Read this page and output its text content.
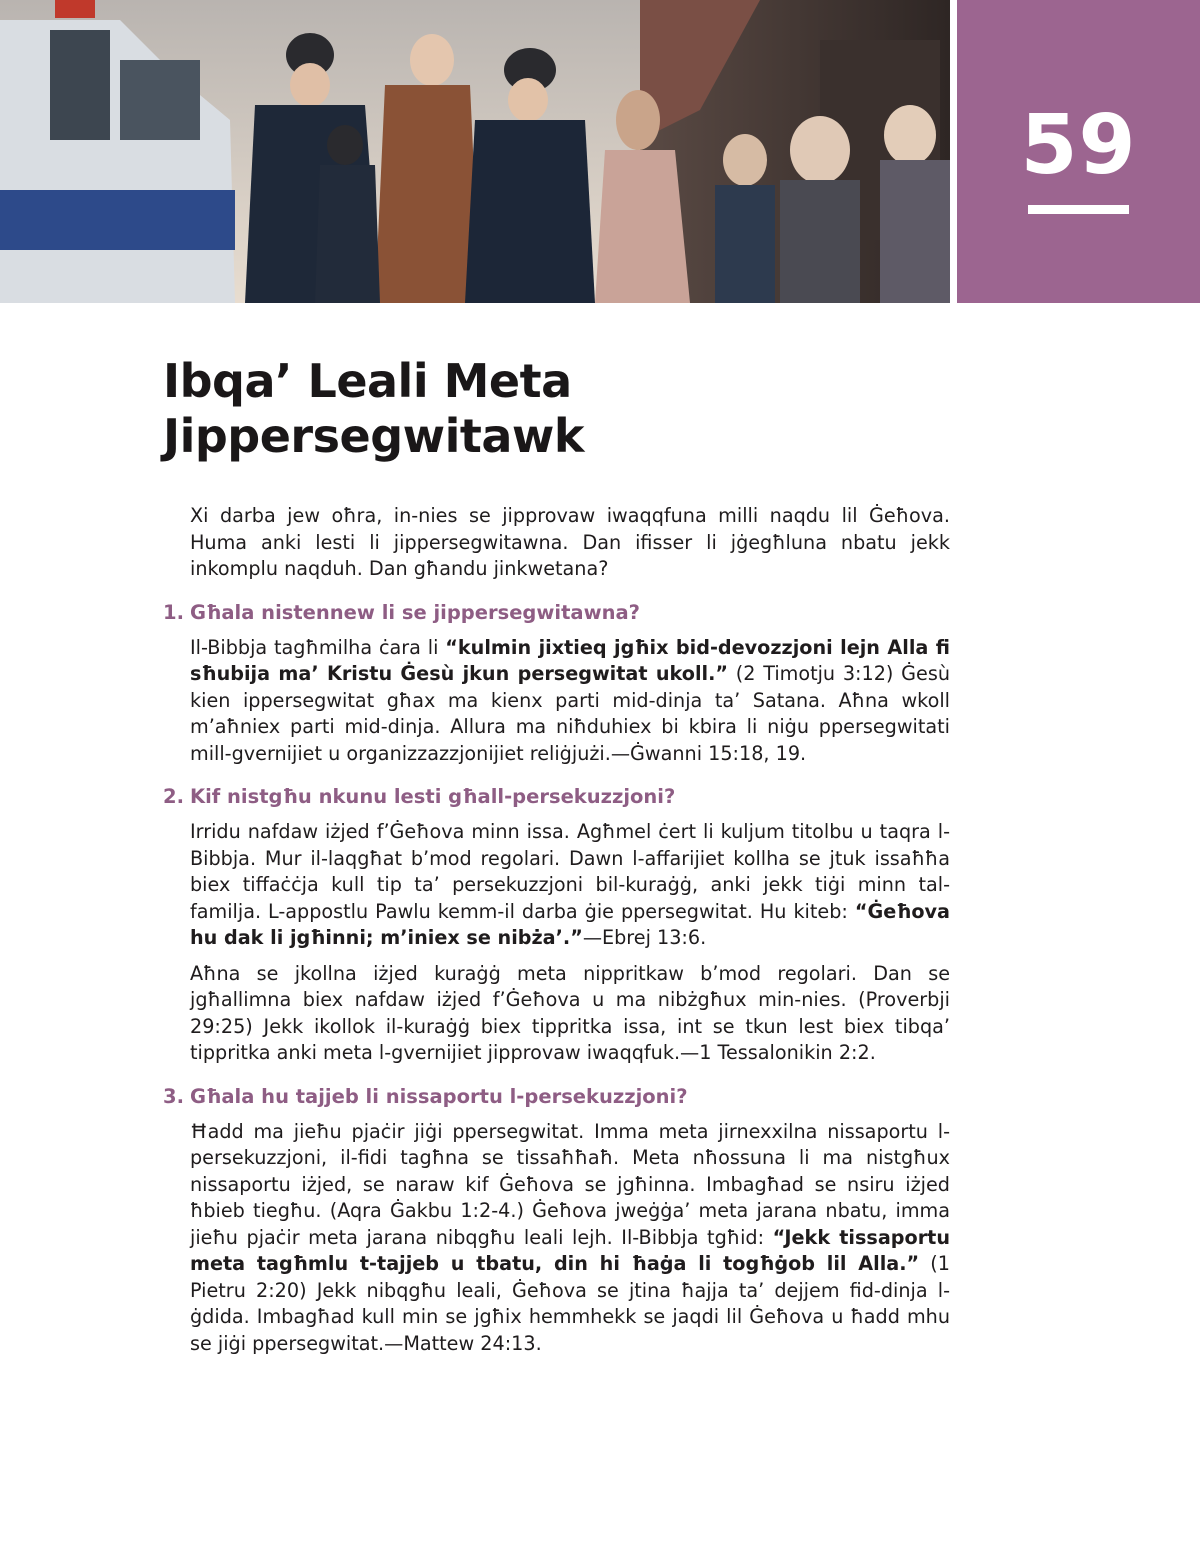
59
Ibqa’ Leali Meta
Jippersegwitawk

Xi darba jew oħra, in-nies se jipprovaw iwaqqfuna milli naqdu lil Ġeħova. Huma anki lesti li jippersegwitawna. Dan ifisser li jġegħluna nbatu jekk inkomplu naqduh. Dan għandu jinkwetana?

1. Għala nistennew li se jippersegwitawna?

Il-Bibbja tagħmilha ċara li “kulmin jixtieq jgħix bid-devozzjoni lejn Alla fi sħubija ma’ Kristu Ġesù jkun persegwitat ukoll.” (2 Timotju 3:12) Ġesù kien ippersegwitat għax ma kienx parti mid-dinja ta’ Satana. Aħna wkoll m’aħniex parti mid-dinja. Allura ma niħduhiex bi kbira li niġu ppersegwitati mill-gvernijiet u organizzazzjonijiet reliġjużi.—Ġwanni 15:18, 19.

2. Kif nistgħu nkunu lesti għall-persekuzzjoni?

Irridu nafdaw iżjed f’Ġeħova minn issa. Agħmel ċert li kuljum titolbu u taqra l-Bibbja. Mur il-laqgħat b’mod regolari. Dawn l-affarijiet kollha se jtuk issaħħa biex tiffaċċja kull tip ta’ persekuzzjoni bil-kuraġġ, anki jekk tiġi minn tal-familja. L-appostlu Pawlu kemm-il darba ġie ppersegwitat. Hu kiteb: “Ġeħova hu dak li jgħinni; m’iniex se nibża’.”—Ebrej 13:6.

Aħna se jkollna iżjed kuraġġ meta nippritkaw b’mod regolari. Dan se jgħallimna biex nafdaw iżjed f’Ġeħova u ma nibżgħux min-nies. (Proverbji 29:25) Jekk ikollok il-kuraġġ biex tippritka issa, int se tkun lest biex tibqa’ tippritka anki meta l-gvernijiet jipprovaw iwaqqfuk.—1 Tessalonikin 2:2.

3. Għala hu tajjeb li nissaportu l-persekuzzjoni?

Ħadd ma jieħu pjaċir jiġi ppersegwitat. Imma meta jirnexxilna nissaportu l-persekuzzjoni, il-fidi tagħna se tissaħħaħ. Meta nħossuna li ma nistgħux nissaportu iżjed, se naraw kif Ġeħova se jgħinna. Imbagħad se nsiru iżjed ħbieb tiegħu. (Aqra Ġakbu 1:2-4.) Ġeħova jweġġa’ meta jarana nbatu, imma jieħu pjaċir meta jarana nibqgħu leali lejh. Il-Bibbja tgħid: “Jekk tissaportu meta tagħmlu t-tajjeb u tbatu, din hi ħaġa li togħġob lil Alla.” (1 Pietru 2:20) Jekk nibqgħu leali, Ġeħova se jtina ħajja ta’ dejjem fid-dinja l-ġdida. Imbagħad kull min se jgħix hemmhekk se jaqdi lil Ġeħova u ħadd mhu se jiġi ppersegwitat.—Mattew 24:13.
